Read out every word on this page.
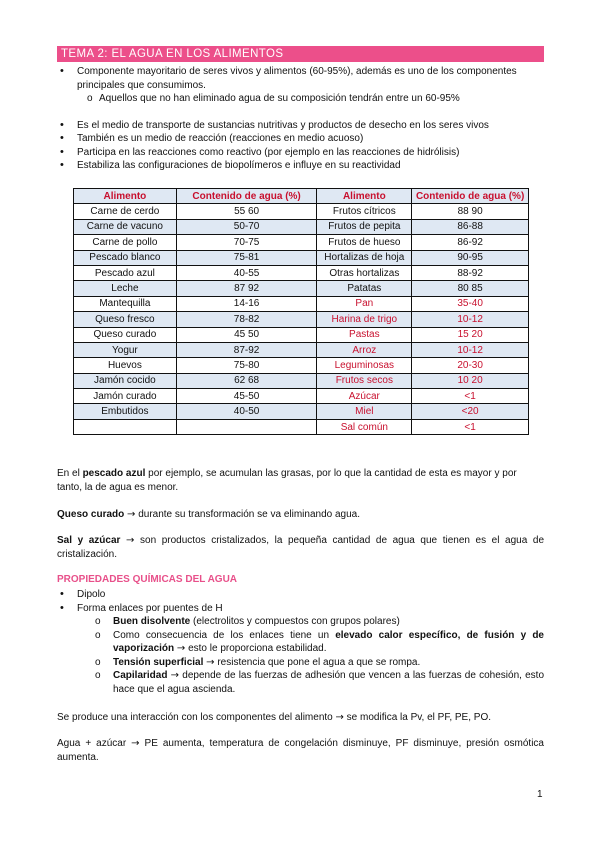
TEMA 2: EL AGUA EN LOS ALIMENTOS

• Componente mayoritario de seres vivos y alimentos (60-95%), además es uno de los componentes principales que consumimos.

o Aquellos que no han eliminado agua de su composición tendrán entre un 60-95%

• Es el medio de transporte de sustancias nutritivas y productos de desecho en los seres vivos

• También es un medio de reacción (reacciones en medio acuoso)

• Participa en las reacciones como reactivo (por ejemplo en las reacciones de hidrólisis)

• Estabiliza las configuraciones de biopolímeros e influye en su reactividad

Alimento	Contenido de agua (%)	Alimento	Contenido de agua (%)
Carne de cerdo	55 60	Frutos cítricos	88 90
Carne de vacuno	50-70	Frutos de pepita	86-88
Carne de pollo	70-75	Frutos de hueso	86-92
Pescado blanco	75-81	Hortalizas de hoja	90-95
Pescado azul	40-55	Otras hortalizas	88-92
Leche	87 92	Patatas	80 85
Mantequilla	14-16	Pan	35-40
Queso fresco	78-82	Harina de trigo	10-12
Queso curado	45 50	Pastas	15 20
Yogur	87-92	Arroz	10-12
Huevos	75-80	Leguminosas	20-30
Jamón cocido	62 68	Frutos secos	10 20
Jamón curado	45-50	Azúcar	<1
Embutidos	40-50	Miel	<20
		Sal común	<1

En el pescado azul por ejemplo, se acumulan las grasas, por lo que la cantidad de esta es mayor y por tanto, la de agua es menor.

Queso curado → durante su transformación se va eliminando agua.

Sal y azúcar → son productos cristalizados, la pequeña cantidad de agua que tienen es el agua de cristalización.

PROPIEDADES QUÍMICAS DEL AGUA

• Dipolo

• Forma enlaces por puentes de H

o Buen disolvente (electrolitos y compuestos con grupos polares)

o Como consecuencia de los enlaces tiene un elevado calor específico, de fusión y de vaporización → esto le proporciona estabilidad.

o Tensión superficial → resistencia que pone el agua a que se rompa.

o Capilaridad → depende de las fuerzas de adhesión que vencen a las fuerzas de cohesión, esto hace que el agua ascienda.

Se produce una interacción con los componentes del alimento → se modifica la Pv, el PF, PE, PO.

Agua + azúcar → PE aumenta, temperatura de congelación disminuye, PF disminuye, presión osmótica aumenta.

1
